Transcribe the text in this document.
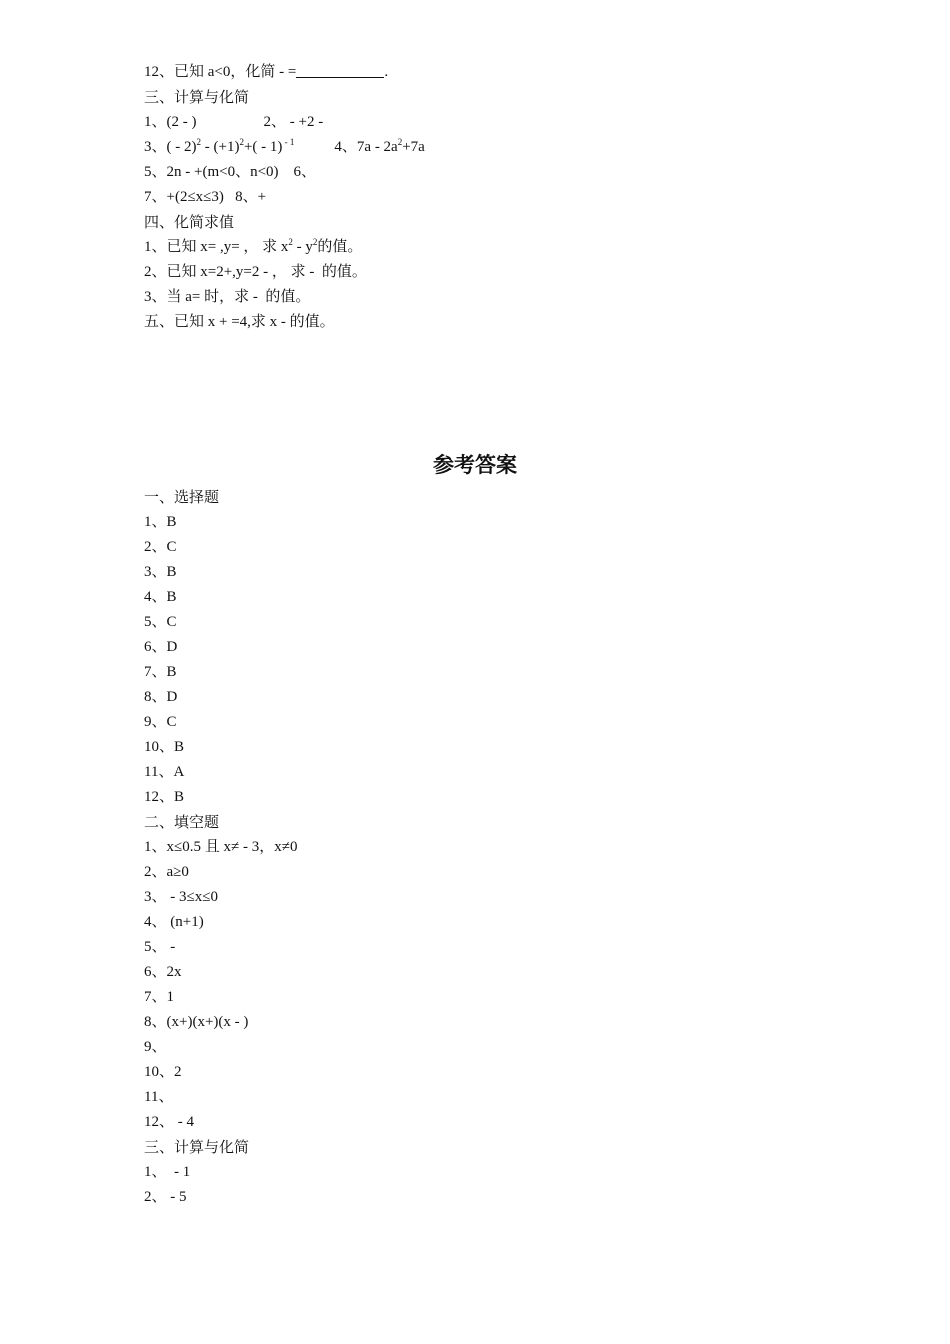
12、已知 a<0，化简 - =	.
三、计算与化简
1、(2 - )	2、 - +2 -
3、( - $2)^2 - (+1)^2+( - 1)$ $^{- 1}$	4、$7a - 2a^2+7a$
5、2n - +(m<0、n<0)    6、
7、+(2≤x≤3)   8、+
四、化简求值
1、已知 x= ,y= ， 求 $x^2 - y^2$的值。
2、已知 x=2+,y=2 - ， 求 -  的值。
3、当 a= 时，求 -  的值。
五、已知 x + =4,求 x - 的值。
参考答案
一、选择题
1、B
2、C
3、B
4、B
5、C
6、D
7、B
8、D
9、C
10、B
11、A
12、B
二、填空题
1、x≤0.5 且 x≠ - 3，x≠0
2、a≥0
3、 - 3≤x≤0
4、 (n+1)
5、 -
6、2x
7、1
8、(x+)(x+)(x - )
9、
10、2
11、
12、 - 4
三、计算与化简
1、  - 1
2、 - 5
